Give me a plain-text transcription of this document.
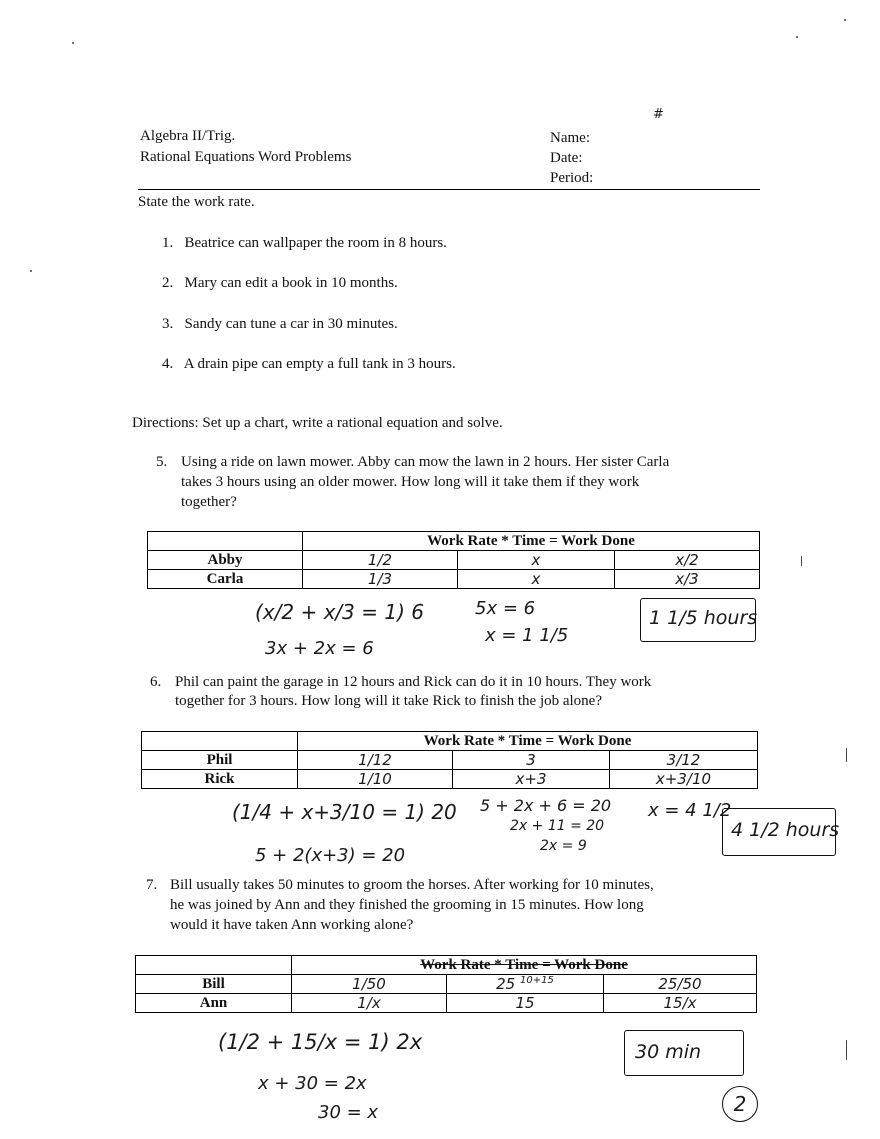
Algebra II/Trig.
Rational Equations Word Problems
Name:
Date:
Period:
#
State the work rate.
1. Beatrice can wallpaper the room in 8 hours.
2. Mary can edit a book in 10 months.
3. Sandy can tune a car in 30 minutes.
4. A drain pipe can empty a full tank in 3 hours.
Directions: Set up a chart, write a rational equation and solve.
5. Using a ride on lawn mower. Abby can mow the lawn in 2 hours. Her sister Carla
takes 3 hours using an older mower. How long will it take them if they work
together?
	Work Rate * Time = Work Done		
Abby	1/2	x	x/2
Carla	1/3	x	x/3
(x/2 + x/3 = 1) 6
3x + 2x = 6
5x = 6
x = 1 1/5
1 1/5 hours
6. Phil can paint the garage in 12 hours and Rick can do it in 10 hours. They work
together for 3 hours. How long will it take Rick to finish the job alone?
	Work Rate * Time = Work Done		
Phil	1/12	3	3/12
Rick	1/10	x+3	x+3/10
(1/4 + x+3/10 = 1) 20
5 + 2(x+3) = 20
5 + 2x + 6 = 20
2x + 11 = 20
2x = 9
x = 4 1/2
4 1/2 hours
7. Bill usually takes 50 minutes to groom the horses. After working for 10 minutes,
he was joined by Ann and they finished the grooming in 15 minutes. How long
would it have taken Ann working alone?
	Work Rate * Time = Work Done		
Bill	1/50	25 $^{10+15}$	25/50
Ann	1/x	15	15/x
(1/2 + 15/x = 1) 2x
x + 30 = 2x
30 = x
30 min
2
